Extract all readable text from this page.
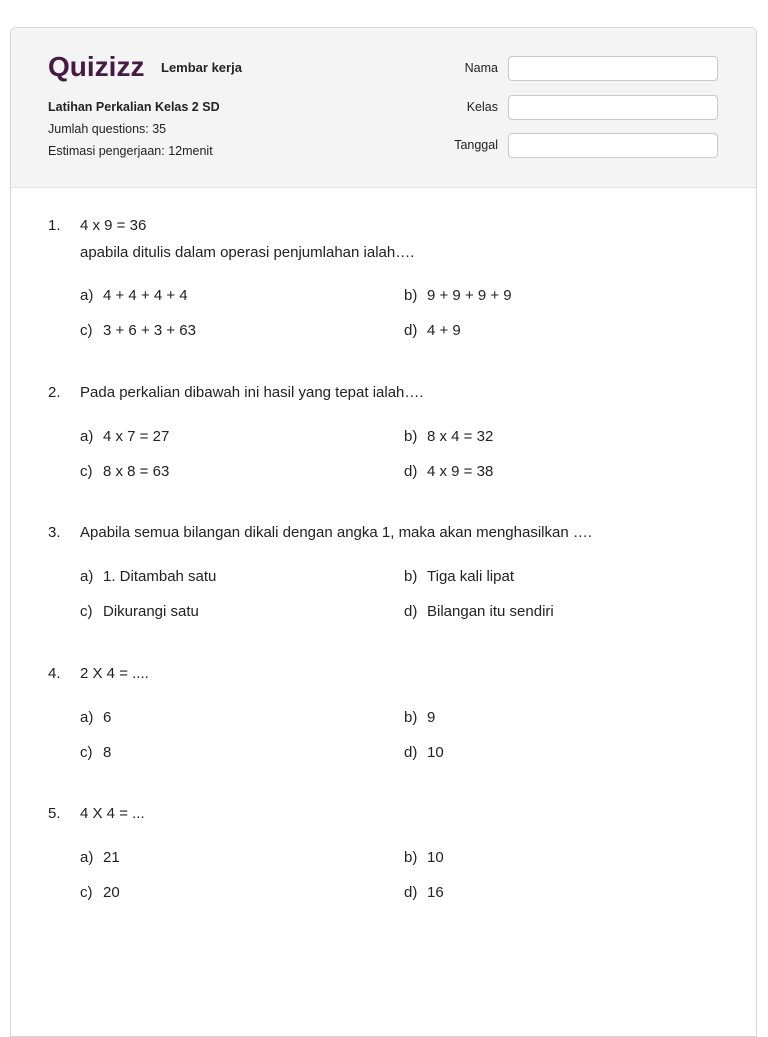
Quizizz Lembar kerja
Latihan Perkalian Kelas 2 SD
Jumlah questions: 35
Estimasi pengerjaan: 12menit
Nama
Kelas
Tanggal
1. 4 x 9 = 36
apabila ditulis dalam operasi penjumlahan ialah….
a) 4 + 4 + 4 + 4	b) 9 + 9 + 9 + 9
c) 3 + 6 + 3 + 63	d) 4 + 9
2. Pada perkalian dibawah ini hasil yang tepat ialah….
a) 4 x 7 = 27	b) 8 x 4 = 32
c) 8 x 8 = 63	d) 4 x 9 = 38
3. Apabila semua bilangan dikali dengan angka 1, maka akan menghasilkan ….
a) 1. Ditambah satu	b) Tiga kali lipat
c) Dikurangi satu	d) Bilangan itu sendiri
4. 2 X 4 = ....
a) 6	b) 9
c) 8	d) 10
5. 4 X 4 = ...
a) 21	b) 10
c) 20	d) 16
